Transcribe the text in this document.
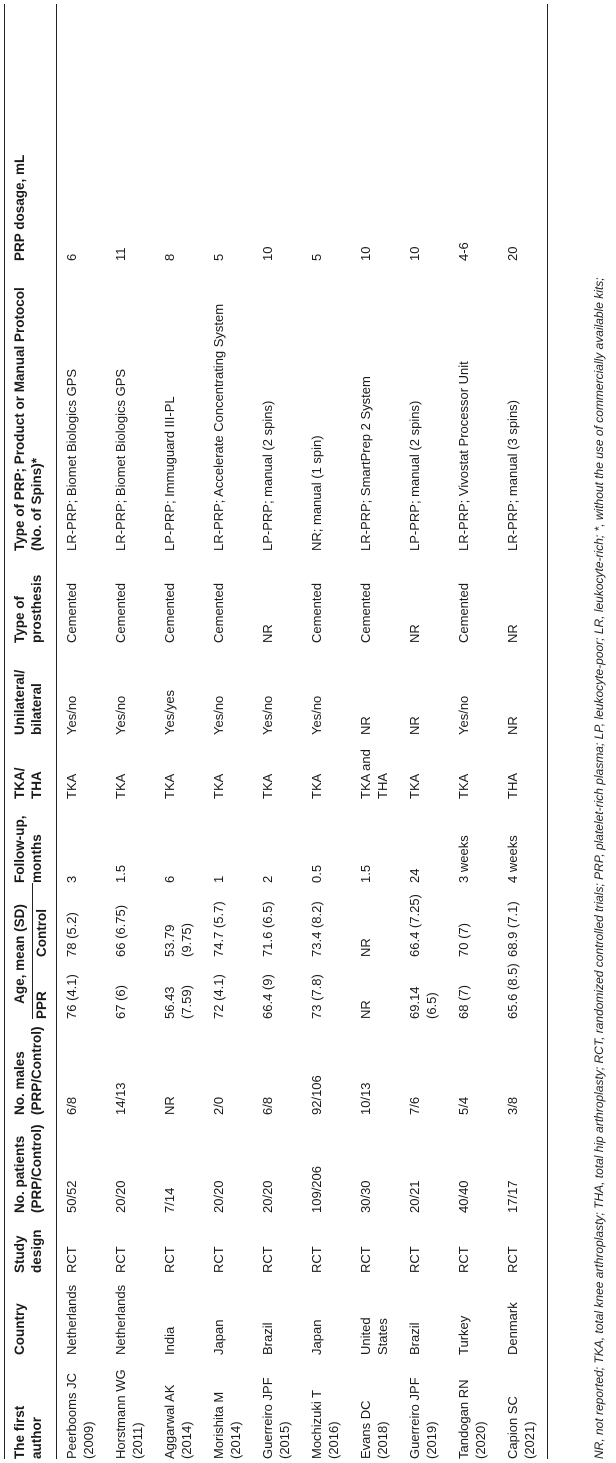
The first author	Country	Study design	No. patients (PRP/Control)	No. males (PRP/Control)	Age, mean (SD)		Follow-up, months	TKA/ THA	Unilateral/ bilateral	Type of prosthesis	Type of PRP; Product or Manual Protocol (No. of Spins)*	PRP dosage, mL
					PPR	Control						
Peerbooms JC (2009)	Netherlands	RCT	50/52	6/8	76 (4.1)	78 (5.2)	3	TKA	Yes/no	Cemented	LR-PRP; Biomet Biologics GPS	6
Horstmann WG (2011)	Netherlands	RCT	20/20	14/13	67 (6)	66 (6.75)	1.5	TKA	Yes/no	Cemented	LR-PRP; Biomet Biologics GPS	11
Aggarwal AK (2014)	India	RCT	7/14	NR	56.43 (7.59)	53.79 (9.75)	6	TKA	Yes/yes	Cemented	LP-PRP; Immuguard III-PL	8
Morishita M (2014)	Japan	RCT	20/20	2/0	72 (4.1)	74.7 (5.7)	1	TKA	Yes/no	Cemented	LR-PRP; Accelerate Concentrating System	5
Guerreiro JPF (2015)	Brazil	RCT	20/20	6/8	66.4 (9)	71.6 (6.5)	2	TKA	Yes/no	NR	LP-PRP; manual (2 spins)	10
Mochizuki T (2016)	Japan	RCT	109/206	92/106	73 (7.8)	73.4 (8.2)	0.5	TKA	Yes/no	Cemented	NR; manual (1 spin)	5
Evans DC (2018)	United States	RCT	30/30	10/13	NR	NR	1.5	TKA and THA	NR	Cemented	LR-PRP; SmartPrep 2 System	10
Guerreiro JPF (2019)	Brazil	RCT	20/21	7/6	69.14 (6.5)	66.4 (7.25)	24	TKA	NR	NR	LP-PRP; manual (2 spins)	10
Tandogan RN (2020)	Turkey	RCT	40/40	5/4	68 (7)	70 (7)	3 weeks	TKA	Yes/no	Cemented	LR-PRP; Vivostat Processor Unit	4-6
Capion SC (2021)	Denmark	RCT	17/17	3/8	65.6 (8.5)	68.9 (7.1)	4 weeks	THA	NR	NR	LR-PRP; manual (3 spins)	20
NR, not reported; TKA, total knee arthroplasty; THA, total hip arthroplasty; RCT, randomized controlled trials; PRP, platelet-rich plasma; LP, leukocyte-poor; LR, leukocyte-rich; *, without the use of commercially available kits;
